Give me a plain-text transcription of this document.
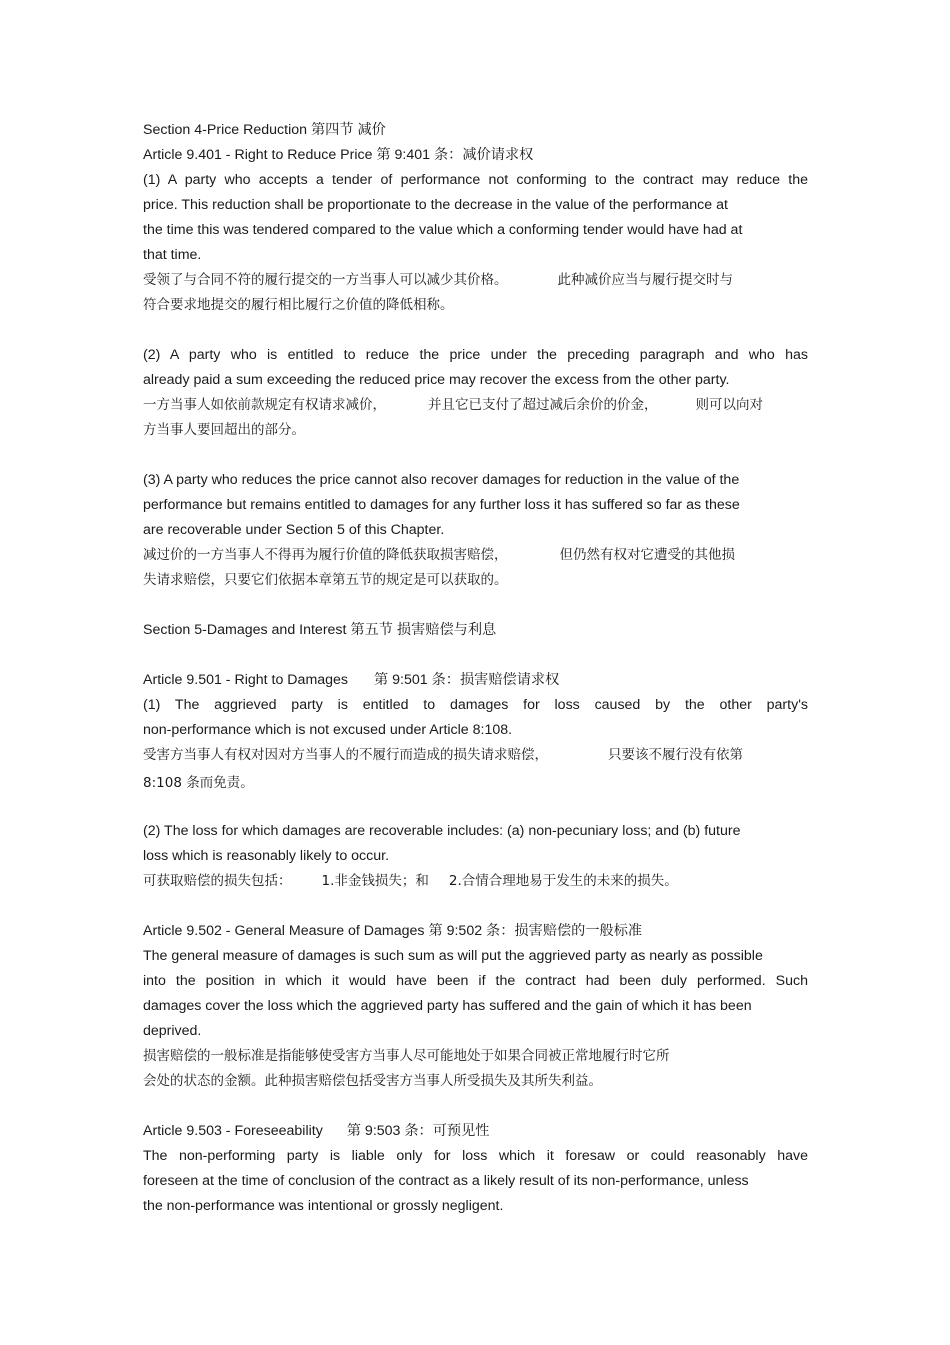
Section 4-Price Reduction 第四节 减价
Article 9.401 - Right to Reduce Price 第 9:401 条：减价请求权
(1) A party who accepts a tender of performance not conforming to the contract may reduce the
price. This reduction shall be proportionate to the decrease in the value of the performance at
the time this was tendered compared to the value which a conforming tender would have had at
that time.
受领了与合同不符的履行提交的一方当事人可以减少其价格。	此种减价应当与履行提交时与
符合要求地提交的履行相比履行之价值的降低相称。
(2) A party who is entitled to reduce the price under the preceding paragraph and who has
already paid a sum exceeding the reduced price may recover the excess from the other party.
一方当事人如依前款规定有权请求减价，	并且它已支付了超过减后余价的价金，	则可以向对
方当事人要回超出的部分。
(3) A party who reduces the price cannot also recover damages for reduction in the value of the
performance but remains entitled to damages for any further loss it has suffered so far as these
are recoverable under Section 5 of this Chapter.
减过价的一方当事人不得再为履行价值的降低获取损害赔偿，	但仍然有权对它遭受的其他损
失请求赔偿，只要它们依据本章第五节的规定是可以获取的。
Section 5-Damages and Interest 第五节 损害赔偿与利息
Article 9.501 - Right to Damages 第 9:501 条：损害赔偿请求权
(1) The aggrieved party is entitled to damages for loss caused by the other party's
non-performance which is not excused under Article 8:108.
受害方当事人有权对因对方当事人的不履行而造成的损失请求赔偿，	只要该不履行没有依第
8:108 条而免责。
(2) The loss for which damages are recoverable includes: (a) non-pecuniary loss; and (b) future
loss which is reasonably likely to occur.
可获取赔偿的损失包括： 1.非金钱损失；和 2.合情合理地易于发生的未来的损失。
Article 9.502 - General Measure of Damages 第 9:502 条：损害赔偿的一般标准
The general measure of damages is such sum as will put the aggrieved party as nearly as possible
into the position in which it would have been if the contract had been duly performed. Such
damages cover the loss which the aggrieved party has suffered and the gain of which it has been
deprived.
损害赔偿的一般标准是指能够使受害方当事人尽可能地处于如果合同被正常地履行时它所
会处的状态的金额。此种损害赔偿包括受害方当事人所受损失及其所失利益。
Article 9.503 - Foreseeability 第 9:503 条：可预见性
The non-performing party is liable only for loss which it foresaw or could reasonably have
foreseen at the time of conclusion of the contract as a likely result of its non-performance, unless
the non-performance was intentional or grossly negligent.
